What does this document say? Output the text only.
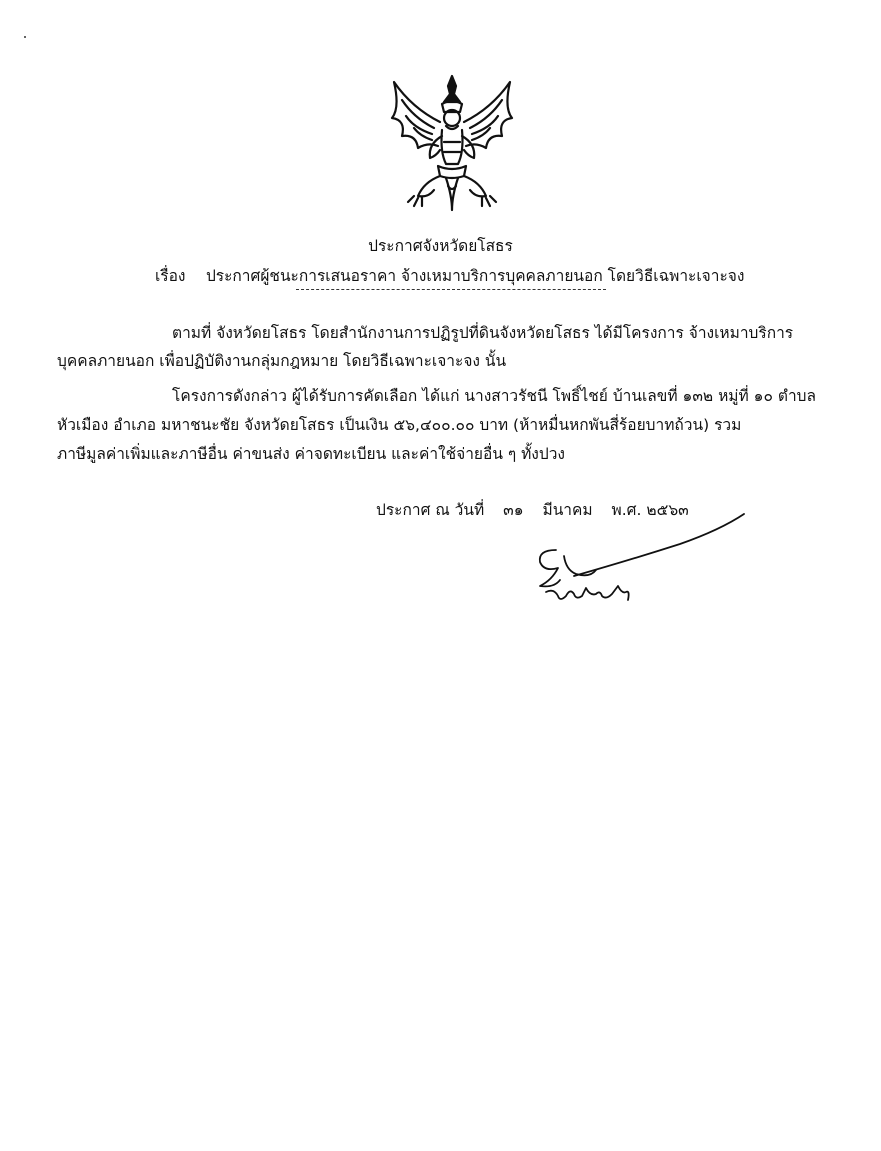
ประกาศจังหวัดยโสธร
เรื่อง ประกาศผู้ชนะการเสนอราคา จ้างเหมาบริการบุคคลภายนอก โดยวิธีเฉพาะเจาะจง
ตามที่ จังหวัดยโสธร โดยสำนักงานการปฏิรูปที่ดินจังหวัดยโสธร ได้มีโครงการ จ้างเหมาบริการ
บุคคลภายนอก เพื่อปฏิบัติงานกลุ่มกฎหมาย โดยวิธีเฉพาะเจาะจง นั้น
โครงการดังกล่าว ผู้ได้รับการคัดเลือก ได้แก่ นางสาวรัชนี โพธิ์ไชย์ บ้านเลขที่ ๑๓๒ หมู่ที่ ๑๐ ตำบล
หัวเมือง อำเภอ มหาชนะชัย จังหวัดยโสธร เป็นเงิน ๕๖,๔๐๐.๐๐ บาท (ห้าหมื่นหกพันสี่ร้อยบาทถ้วน) รวม
ภาษีมูลค่าเพิ่มและภาษีอื่น ค่าขนส่ง ค่าจดทะเบียน และค่าใช้จ่ายอื่น ๆ ทั้งปวง
ประกาศ ณ วันที่ ๓๑ มีนาคม พ.ศ. ๒๕๖๓
